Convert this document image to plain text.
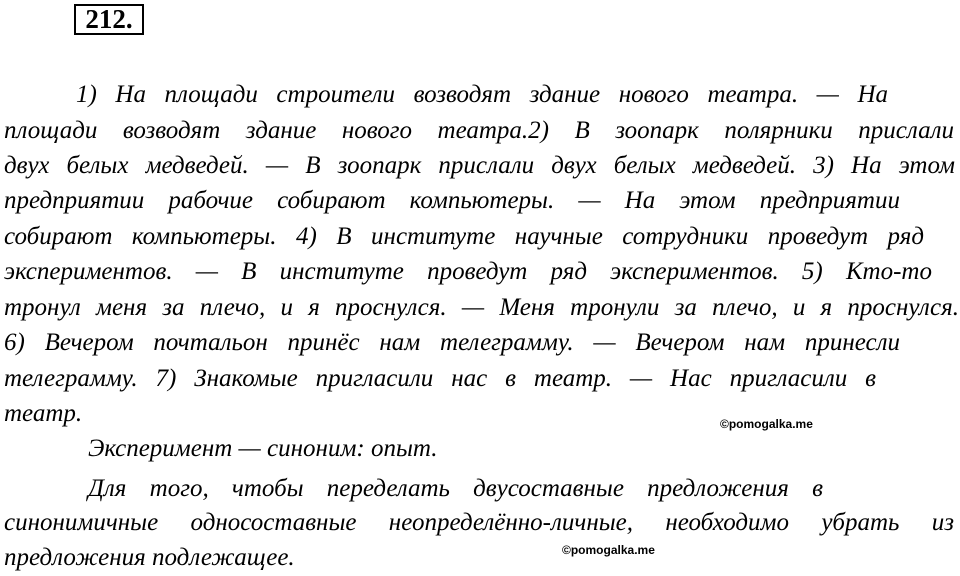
212.
1) На площади строители возводят здание нового театра. — На
площади возводят здание нового театра.2) В зоопарк полярники прислали
двух белых медведей. — В зоопарк прислали двух белых медведей. 3) На этом
предприятии рабочие собирают компьютеры. — На этом предприятии
собирают компьютеры. 4) В институте научные сотрудники проведут ряд
экспериментов. — В институте проведут ряд экспериментов. 5) Кто-то
тронул меня за плечо, и я проснулся. — Меня тронули за плечо, и я проснулся.
6) Вечером почтальон принёс нам телеграмму. — Вечером нам принесли
телеграмму. 7) Знакомые пригласили нас в театр. — Нас пригласили в
театр.	©pomogalka.me
Эксперимент — синоним: опыт.
Для того, чтобы переделать двусоставные предложения в
синонимичные односоставные неопределённо-личные, необходимо убрать из
предложения подлежащее.	©pomogalka.me
